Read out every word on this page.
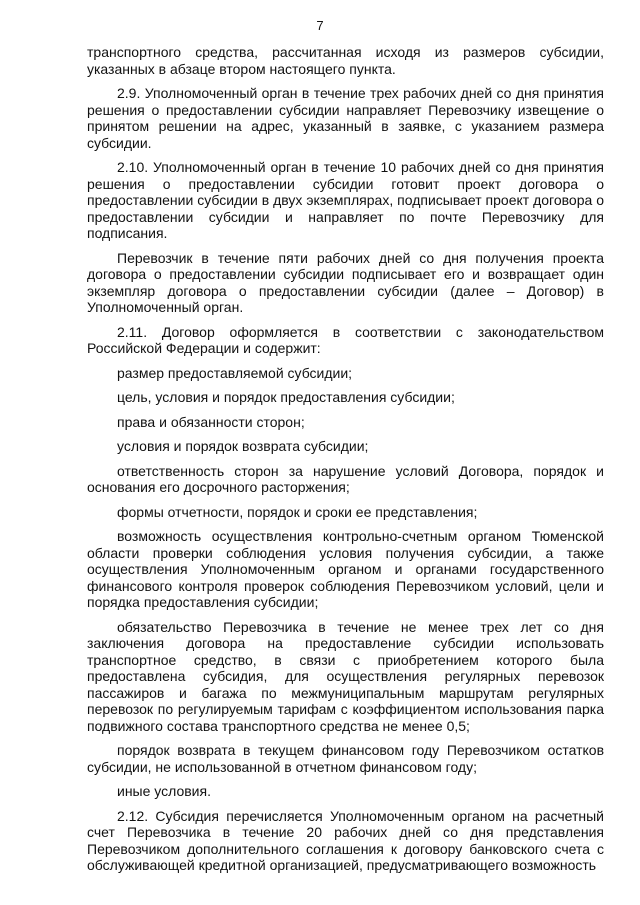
7

транспортного средства, рассчитанная исходя из размеров субсидии, указанных в абзаце втором настоящего пункта.

2.9. Уполномоченный орган в течение трех рабочих дней со дня принятия решения о предоставлении субсидии направляет Перевозчику извещение о принятом решении на адрес, указанный в заявке, с указанием размера субсидии.

2.10. Уполномоченный орган в течение 10 рабочих дней со дня принятия решения о предоставлении субсидии готовит проект договора о предоставлении субсидии в двух экземплярах, подписывает проект договора о предоставлении субсидии и направляет по почте Перевозчику для подписания.

Перевозчик в течение пяти рабочих дней со дня получения проекта договора о предоставлении субсидии подписывает его и возвращает один экземпляр договора о предоставлении субсидии (далее – Договор) в Уполномоченный орган.

2.11. Договор оформляется в соответствии с законодательством Российской Федерации и содержит:

размер предоставляемой субсидии;

цель, условия и порядок предоставления субсидии;

права и обязанности сторон;

условия и порядок возврата субсидии;

ответственность сторон за нарушение условий Договора, порядок и основания его досрочного расторжения;

формы отчетности, порядок и сроки ее представления;

возможность осуществления контрольно-счетным органом Тюменской области проверки соблюдения условия получения субсидии, а также осуществления Уполномоченным органом и органами государственного финансового контроля проверок соблюдения Перевозчиком условий, цели и порядка предоставления субсидии;

обязательство Перевозчика в течение не менее трех лет со дня заключения договора на предоставление субсидии использовать транспортное средство, в связи с приобретением которого была предоставлена субсидия, для осуществления регулярных перевозок пассажиров и багажа по межмуниципальным маршрутам регулярных перевозок по регулируемым тарифам с коэффициентом использования парка подвижного состава транспортного средства не менее 0,5;

порядок возврата в текущем финансовом году Перевозчиком остатков субсидии, не использованной в отчетном финансовом году;

иные условия.

2.12. Субсидия перечисляется Уполномоченным органом на расчетный счет Перевозчика в течение 20 рабочих дней со дня представления Перевозчиком дополнительного соглашения к договору банковского счета с обслуживающей кредитной организацией, предусматривающего возможность
